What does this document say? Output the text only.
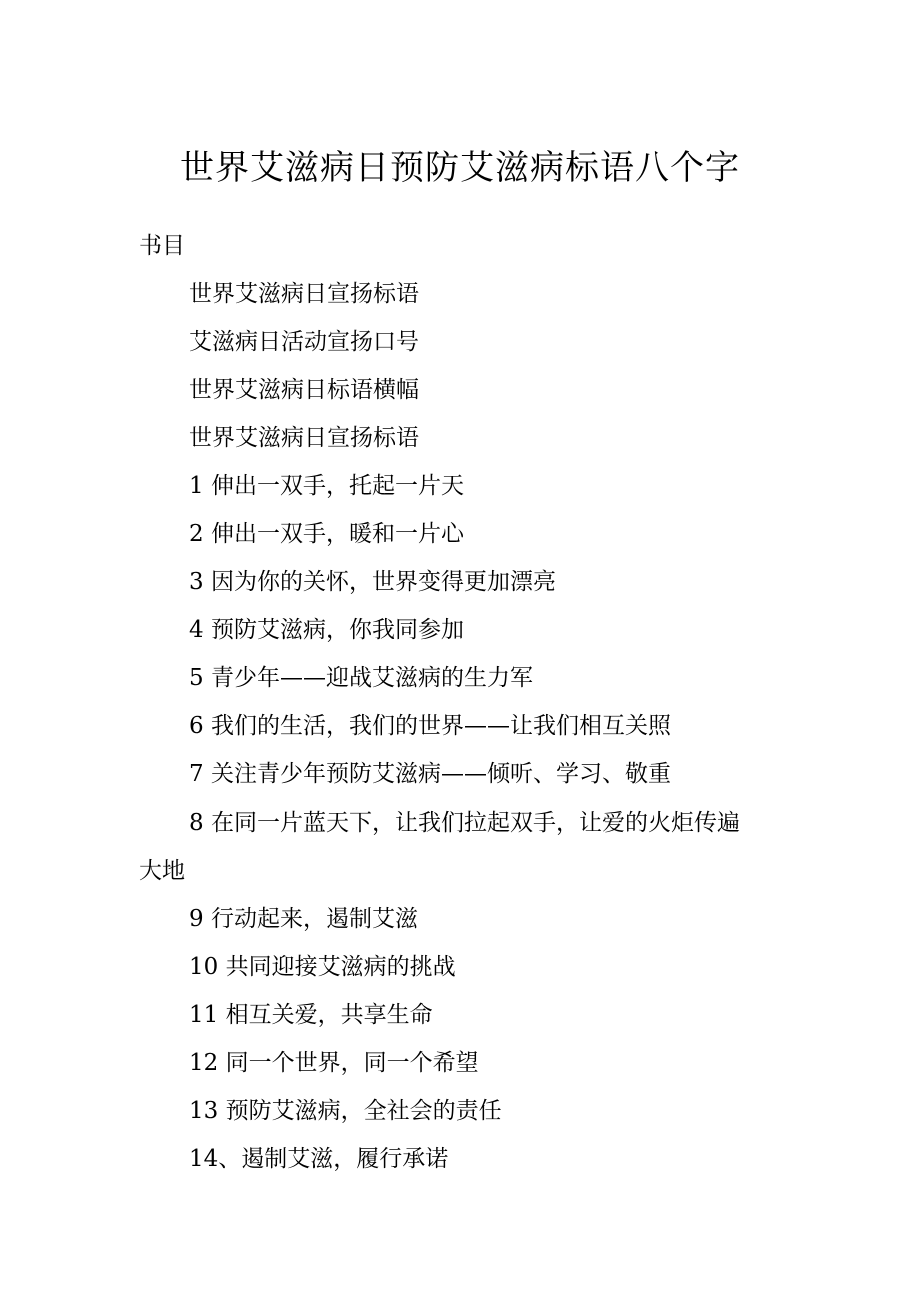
世界艾滋病日预防艾滋病标语八个字
书目
世界艾滋病日宣扬标语
艾滋病日活动宣扬口号
世界艾滋病日标语横幅
世界艾滋病日宣扬标语
1 伸出一双手，托起一片天
2 伸出一双手，暖和一片心
3 因为你的关怀，世界变得更加漂亮
4 预防艾滋病，你我同参加
5 青少年——迎战艾滋病的生力军
6 我们的生活，我们的世界——让我们相互关照
7 关注青少年预防艾滋病——倾听、学习、敬重
8 在同一片蓝天下，让我们拉起双手，让爱的火炬传遍
大地
9 行动起来，遏制艾滋
10 共同迎接艾滋病的挑战
11 相互关爱，共享生命
12 同一个世界，同一个希望
13 预防艾滋病，全社会的责任
14、遏制艾滋，履行承诺
